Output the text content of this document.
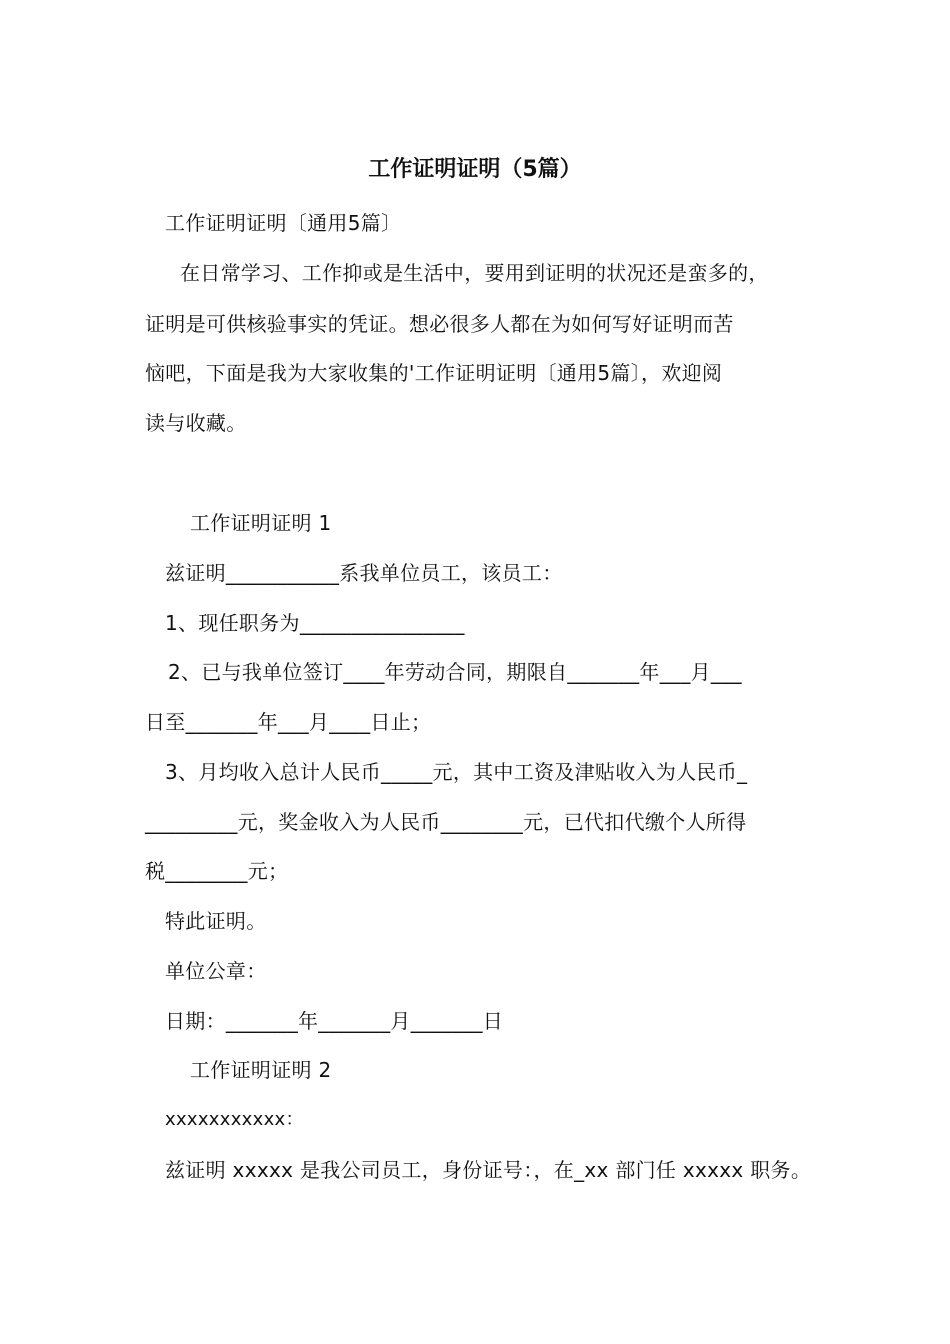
工作证明证明（5篇）
工作证明证明〔通用5篇〕
在日常学习、工作抑或是生活中，要用到证明的状况还是蛮多的，
证明是可供核验事实的凭证。想必很多人都在为如何写好证明而苦
恼吧，下面是我为大家收集的'工作证明证明〔通用5篇〕，欢迎阅
读与收藏。
工作证明证明 1
兹证明___________系我单位员工，该员工：
1、现任职务为________________
2、已与我单位签订____年劳动合同，期限自_______年___月___
日至_______年___月____日止；
3、月均收入总计人民币_____元，其中工资及津贴收入为人民币_
_________元，奖金收入为人民币________元，已代扣代缴个人所得
税________元；
特此证明。
单位公章：
日期：_______年_______月_______日
工作证明证明 2
xxxxxxxxxxx：
兹证明 xxxxx 是我公司员工，身份证号：，在_xx 部门任 xxxxx 职务。
